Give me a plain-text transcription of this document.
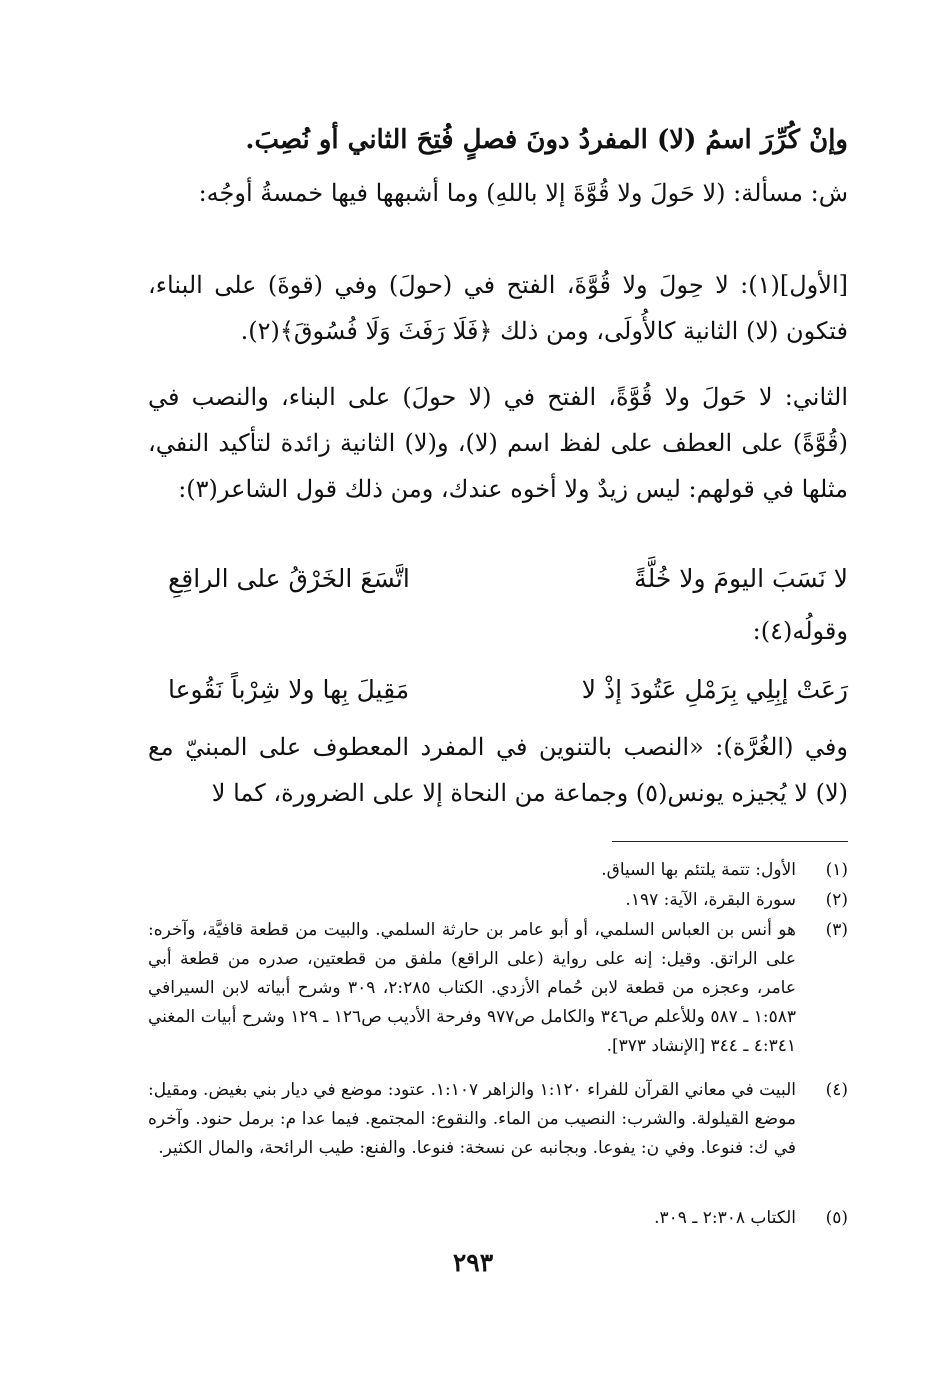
وإنْ كُرِّرَ اسمُ (لا) المفردُ دونَ فصلٍ فُتِحَ الثاني أو نُصِبَ.
ش: مسألة: (لا حَولَ ولا قُوَّةَ إلا باللهِ) وما أشبهها فيها خمسةُ أوجُه:
[الأول](١): لا حِولَ ولا قُوَّةَ، الفتح في (حولَ) وفي (قوةَ) على البناء، فتكون (لا) الثانية كالأُولَى، ومن ذلك ﴿فَلَا رَفَثَ وَلَا فُسُوقَ﴾(٢).
الثاني: لا حَولَ ولا قُوَّةً، الفتح في (لا حولَ) على البناء، والنصب في (قُوَّةً) على العطف على لفظ اسم (لا)، و(لا) الثانية زائدة لتأكيد النفي، مثلها في قولهم: ليس زيدٌ ولا أخوه عندك، ومن ذلك قول الشاعر(٣):
لا نَسَبَ اليومَ ولا خُلَّةً
اتَّسَعَ الخَرْقُ على الراقِعِ
وقولُه(٤):
رَعَتْ إبِلِي بِرَمْلِ عَتُودَ إذْ لا
مَقِيلَ بِها ولا شِرْباً نَقُوعا
وفي (الغُرَّة): «النصب بالتنوين في المفرد المعطوف على المبنيّ مع (لا) لا يُجيزه يونس(٥) وجماعة من النحاة إلا على الضرورة، كما لا
(١)
الأول: تتمة يلتئم بها السياق.
(٢)
سورة البقرة، الآية: ١٩٧.
(٣)
هو أنس بن العباس السلمي، أو أبو عامر بن حارثة السلمي. والبيت من قطعة قافيَّة، وآخره: على الراتق. وقيل: إنه على رواية (على الراقع) ملفق من قطعتين، صدره من قطعة أبي عامر، وعجزه من قطعة لابن حُمام الأزدي. الكتاب ٢:٢٨٥، ٣٠٩ وشرح أبياته لابن السيرافي ١:٥٨٣ ـ ٥٨٧ وللأعلم ص٣٤٦ والكامل ص٩٧٧ وفرحة الأديب ص١٢٦ ـ ١٢٩ وشرح أبيات المغني ٤:٣٤١ ـ ٣٤٤ [الإنشاد ٣٧٣].
(٤)
البيت في معاني القرآن للفراء ١:١٢٠ والزاهر ١:١٠٧. عتود: موضع في ديار بني بغيض. ومقيل: موضع القيلولة. والشرب: النصيب من الماء. والنقوع: المجتمع. فيما عدا م: برمل حنود. وآخره في ك: فنوعا. وفي ن: يفوعا. وبجانبه عن نسخة: فنوعا. والفنع: طيب الرائحة، والمال الكثير.
(٥)
الكتاب ٢:٣٠٨ ـ ٣٠٩.
٢٩٣
